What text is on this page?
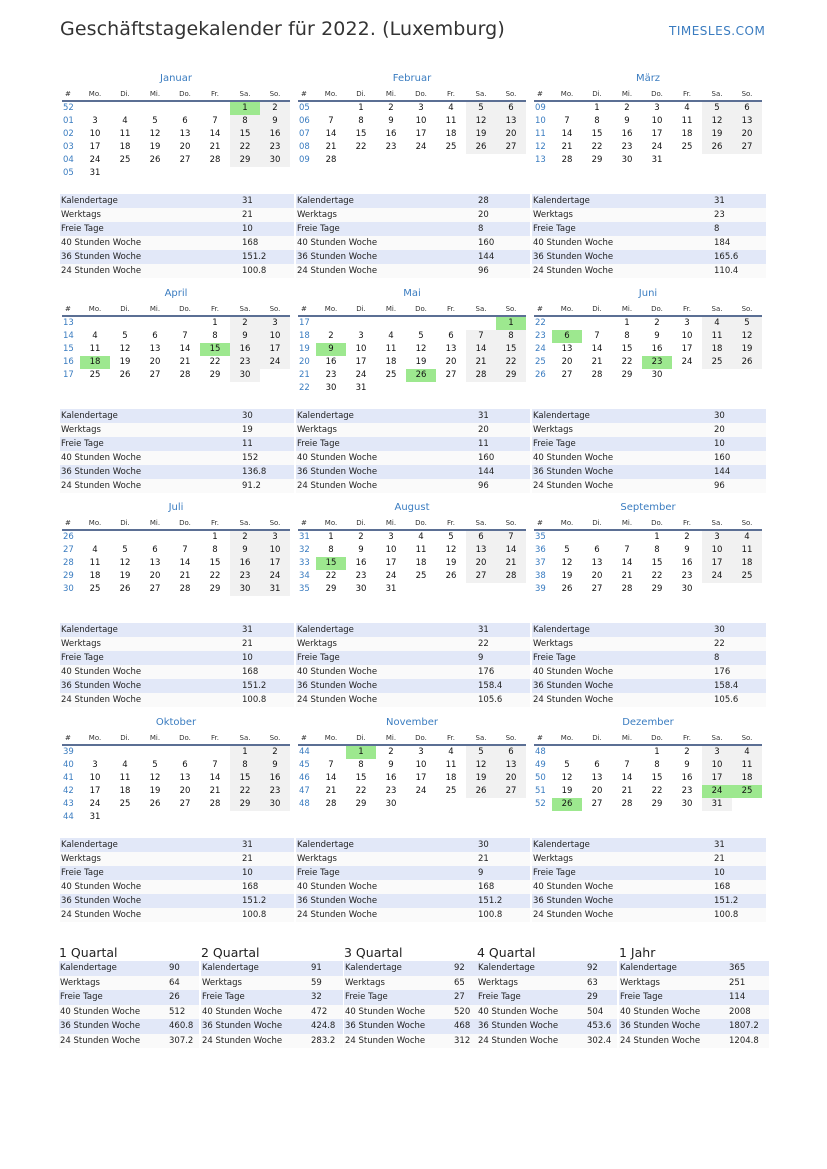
Geschäftstagekalender für 2022. (Luxemburg)	TIMESLES.COM
Januar
#	Mo.	Di.	Mi.	Do.	Fr.	Sa.	So.
52						1	2
01	3	4	5	6	7	8	9
02	10	11	12	13	14	15	16
03	17	18	19	20	21	22	23
04	24	25	26	27	28	29	30
05	31						
Kalendertage	31
Werktags	21
Freie Tage	10
40 Stunden Woche	168
36 Stunden Woche	151.2
24 Stunden Woche	100.8
Februar
#	Mo.	Di.	Mi.	Do.	Fr.	Sa.	So.
05		1	2	3	4	5	6
06	7	8	9	10	11	12	13
07	14	15	16	17	18	19	20
08	21	22	23	24	25	26	27
09	28						
Kalendertage	28
Werktags	20
Freie Tage	8
40 Stunden Woche	160
36 Stunden Woche	144
24 Stunden Woche	96
März
#	Mo.	Di.	Mi.	Do.	Fr.	Sa.	So.
09		1	2	3	4	5	6
10	7	8	9	10	11	12	13
11	14	15	16	17	18	19	20
12	21	22	23	24	25	26	27
13	28	29	30	31			
Kalendertage	31
Werktags	23
Freie Tage	8
40 Stunden Woche	184
36 Stunden Woche	165.6
24 Stunden Woche	110.4
April
#	Mo.	Di.	Mi.	Do.	Fr.	Sa.	So.
13					1	2	3
14	4	5	6	7	8	9	10
15	11	12	13	14	15	16	17
16	18	19	20	21	22	23	24
17	25	26	27	28	29	30	
Kalendertage	30
Werktags	19
Freie Tage	11
40 Stunden Woche	152
36 Stunden Woche	136.8
24 Stunden Woche	91.2
Mai
#	Mo.	Di.	Mi.	Do.	Fr.	Sa.	So.
17							1
18	2	3	4	5	6	7	8
19	9	10	11	12	13	14	15
20	16	17	18	19	20	21	22
21	23	24	25	26	27	28	29
22	30	31					
Kalendertage	31
Werktags	20
Freie Tage	11
40 Stunden Woche	160
36 Stunden Woche	144
24 Stunden Woche	96
Juni
#	Mo.	Di.	Mi.	Do.	Fr.	Sa.	So.
22			1	2	3	4	5
23	6	7	8	9	10	11	12
24	13	14	15	16	17	18	19
25	20	21	22	23	24	25	26
26	27	28	29	30			
Kalendertage	30
Werktags	20
Freie Tage	10
40 Stunden Woche	160
36 Stunden Woche	144
24 Stunden Woche	96
Juli
#	Mo.	Di.	Mi.	Do.	Fr.	Sa.	So.
26					1	2	3
27	4	5	6	7	8	9	10
28	11	12	13	14	15	16	17
29	18	19	20	21	22	23	24
30	25	26	27	28	29	30	31
Kalendertage	31
Werktags	21
Freie Tage	10
40 Stunden Woche	168
36 Stunden Woche	151.2
24 Stunden Woche	100.8
August
#	Mo.	Di.	Mi.	Do.	Fr.	Sa.	So.
31	1	2	3	4	5	6	7
32	8	9	10	11	12	13	14
33	15	16	17	18	19	20	21
34	22	23	24	25	26	27	28
35	29	30	31				
Kalendertage	31
Werktags	22
Freie Tage	9
40 Stunden Woche	176
36 Stunden Woche	158.4
24 Stunden Woche	105.6
September
#	Mo.	Di.	Mi.	Do.	Fr.	Sa.	So.
35				1	2	3	4
36	5	6	7	8	9	10	11
37	12	13	14	15	16	17	18
38	19	20	21	22	23	24	25
39	26	27	28	29	30		
Kalendertage	30
Werktags	22
Freie Tage	8
40 Stunden Woche	176
36 Stunden Woche	158.4
24 Stunden Woche	105.6
Oktober
#	Mo.	Di.	Mi.	Do.	Fr.	Sa.	So.
39						1	2
40	3	4	5	6	7	8	9
41	10	11	12	13	14	15	16
42	17	18	19	20	21	22	23
43	24	25	26	27	28	29	30
44	31						
Kalendertage	31
Werktags	21
Freie Tage	10
40 Stunden Woche	168
36 Stunden Woche	151.2
24 Stunden Woche	100.8
November
#	Mo.	Di.	Mi.	Do.	Fr.	Sa.	So.
44		1	2	3	4	5	6
45	7	8	9	10	11	12	13
46	14	15	16	17	18	19	20
47	21	22	23	24	25	26	27
48	28	29	30				
Kalendertage	30
Werktags	21
Freie Tage	9
40 Stunden Woche	168
36 Stunden Woche	151.2
24 Stunden Woche	100.8
Dezember
#	Mo.	Di.	Mi.	Do.	Fr.	Sa.	So.
48				1	2	3	4
49	5	6	7	8	9	10	11
50	12	13	14	15	16	17	18
51	19	20	21	22	23	24	25
52	26	27	28	29	30	31	
Kalendertage	31
Werktags	21
Freie Tage	10
40 Stunden Woche	168
36 Stunden Woche	151.2
24 Stunden Woche	100.8
1 Quartal
Kalendertage	90
Werktags	64
Freie Tage	26
40 Stunden Woche	512
36 Stunden Woche	460.8
24 Stunden Woche	307.2
2 Quartal
Kalendertage	91
Werktags	59
Freie Tage	32
40 Stunden Woche	472
36 Stunden Woche	424.8
24 Stunden Woche	283.2
3 Quartal
Kalendertage	92
Werktags	65
Freie Tage	27
40 Stunden Woche	520
36 Stunden Woche	468
24 Stunden Woche	312
4 Quartal
Kalendertage	92
Werktags	63
Freie Tage	29
40 Stunden Woche	504
36 Stunden Woche	453.6
24 Stunden Woche	302.4
1 Jahr
Kalendertage	365
Werktags	251
Freie Tage	114
40 Stunden Woche	2008
36 Stunden Woche	1807.2
24 Stunden Woche	1204.8
